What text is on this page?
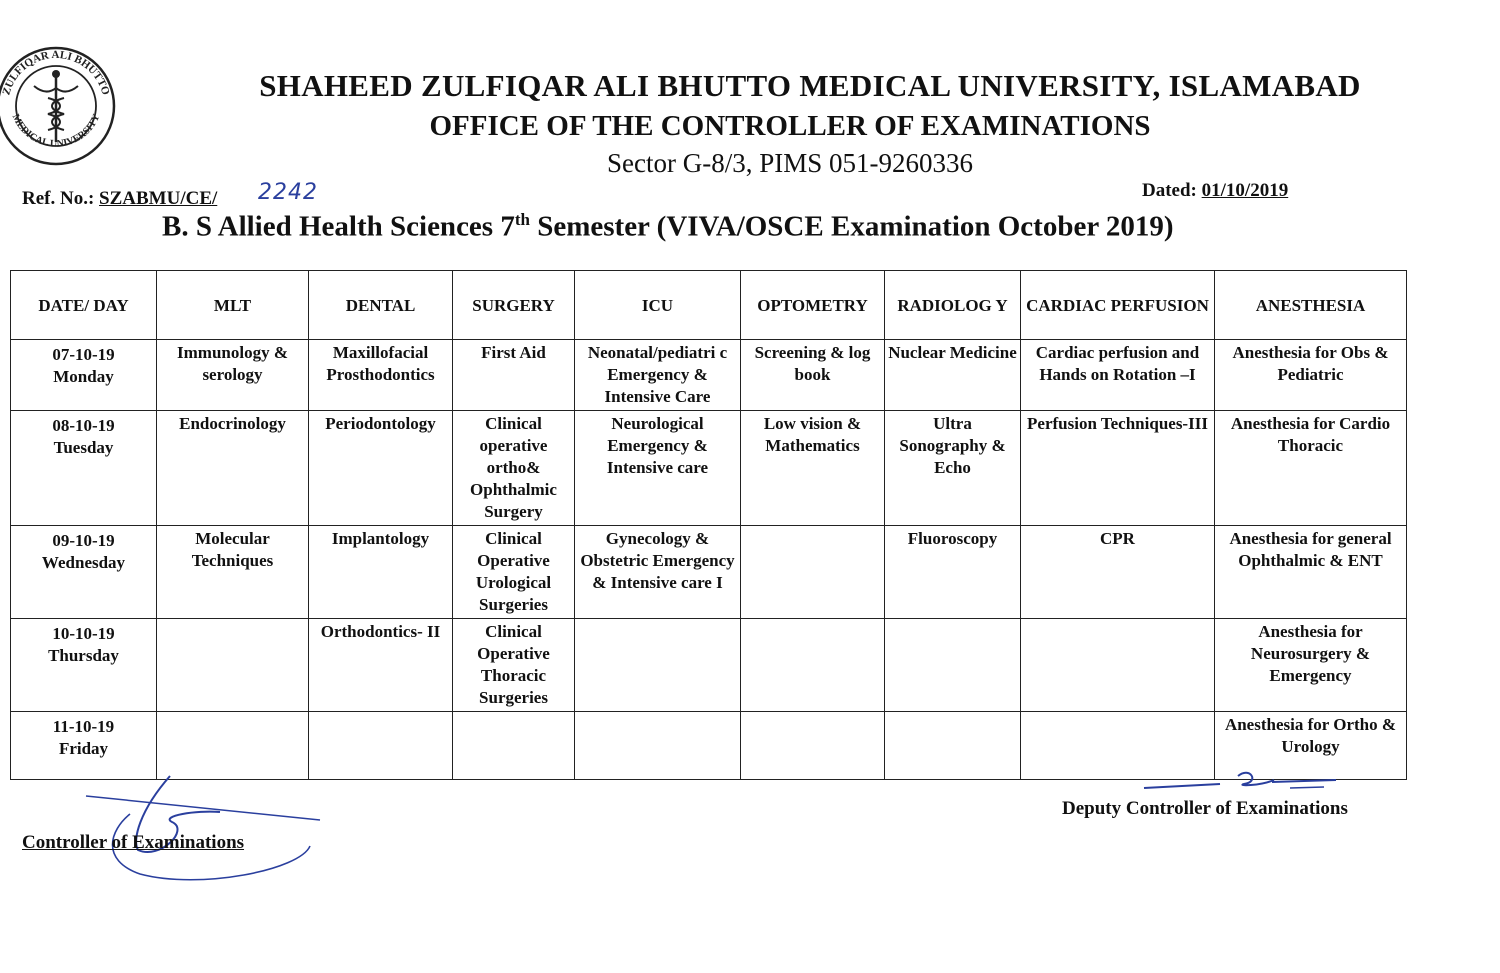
ZULFIQAR ALI BHUTTO
MEDICAL UNIVERSITY
SHAHEED ZULFIQAR ALI BHUTTO MEDICAL UNIVERSITY, ISLAMABAD
OFFICE OF THE CONTROLLER OF EXAMINATIONS
Sector G-8/3, PIMS 051-9260336
Ref. No.: SZABMU/CE/	2242	Dated: 01/10/2019
B. S Allied Health Sciences 7th Semester (VIVA/OSCE Examination October 2019)
DATE/ DAY	MLT	DENTAL	SURGERY	ICU	OPTOMETRY	RADIOLOG Y	CARDIAC PERFUSION	ANESTHESIA

07-10-19
Monday	Immunology & serology	Maxillofacial Prosthodontics	First Aid	Neonatal/pediatri c Emergency & Intensive Care	Screening & log book	Nuclear Medicine	Cardiac perfusion and Hands on Rotation –I	Anesthesia for Obs & Pediatric

08-10-19
Tuesday	Endocrinology	Periodontology	Clinical operative ortho& Ophthalmic Surgery	Neurological Emergency & Intensive care	Low vision & Mathematics	Ultra Sonography & Echo	Perfusion Techniques-III	Anesthesia for Cardio Thoracic

09-10-19
Wednesday	Molecular Techniques	Implantology	Clinical Operative Urological Surgeries	Gynecology & Obstetric Emergency & Intensive care I		Fluoroscopy	CPR	Anesthesia for general Ophthalmic & ENT

10-10-19
Thursday		Orthodontics- II	Clinical Operative Thoracic Surgeries					Anesthesia for Neurosurgery & Emergency

11-10-19
Friday								Anesthesia for Ortho & Urology
Controller of Examinations
Deputy Controller of Examinations
